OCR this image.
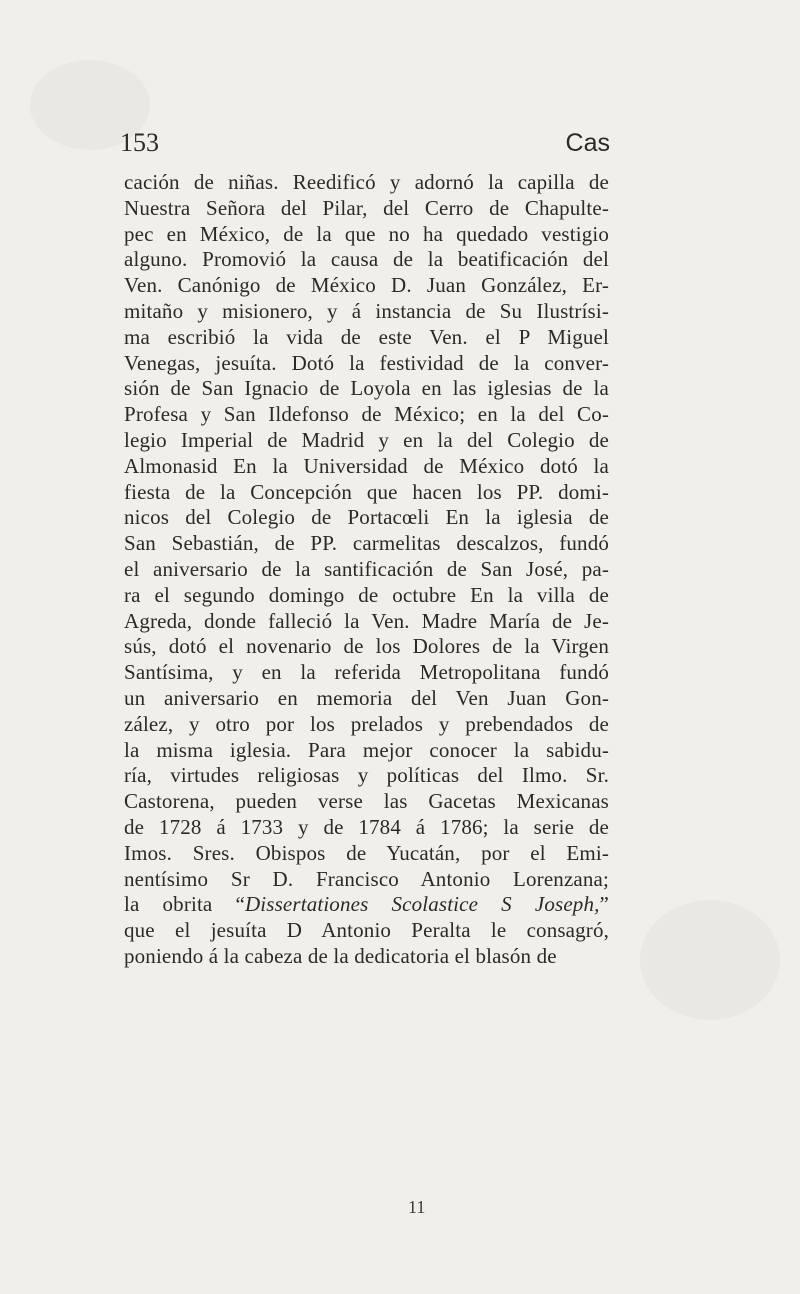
153	Cas
cación de niñas. Reedificó y adornó la capilla de
Nuestra Señora del Pilar, del Cerro de Chapulte-
pec en México, de la que no ha quedado vestigio
alguno. Promovió la causa de la beatificación del
Ven. Canónigo de México D. Juan González, Er-
mitaño y misionero, y á instancia de Su Ilustrísi-
ma escribió la vida de este Ven. el P Miguel
Venegas, jesuíta. Dotó la festividad de la conver-
sión de San Ignacio de Loyola en las iglesias de la
Profesa y San Ildefonso de México; en la del Co-
legio Imperial de Madrid y en la del Colegio de
Almonasid En la Universidad de México dotó la
fiesta de la Concepción que hacen los PP. domi-
nicos del Colegio de Portacœli En la iglesia de
San Sebastián, de PP. carmelitas descalzos, fundó
el aniversario de la santificación de San José, pa-
ra el segundo domingo de octubre En la villa de
Agreda, donde falleció la Ven. Madre María de Je-
sús, dotó el novenario de los Dolores de la Virgen
Santísima, y en la referida Metropolitana fundó
un aniversario en memoria del Ven Juan Gon-
zález, y otro por los prelados y prebendados de
la misma iglesia. Para mejor conocer la sabidu-
ría, virtudes religiosas y políticas del Ilmo. Sr.
Castorena, pueden verse las Gacetas Mexicanas
de 1728 á 1733 y de 1784 á 1786; la serie de
Imos. Sres. Obispos de Yucatán, por el Emi-
nentísimo Sr D. Francisco Antonio Lorenzana;
la obrita “Dissertationes Scolastice S Joseph,”
que el jesuíta D Antonio Peralta le consagró,
poniendo á la cabeza de la dedicatoria el blasón de
11
